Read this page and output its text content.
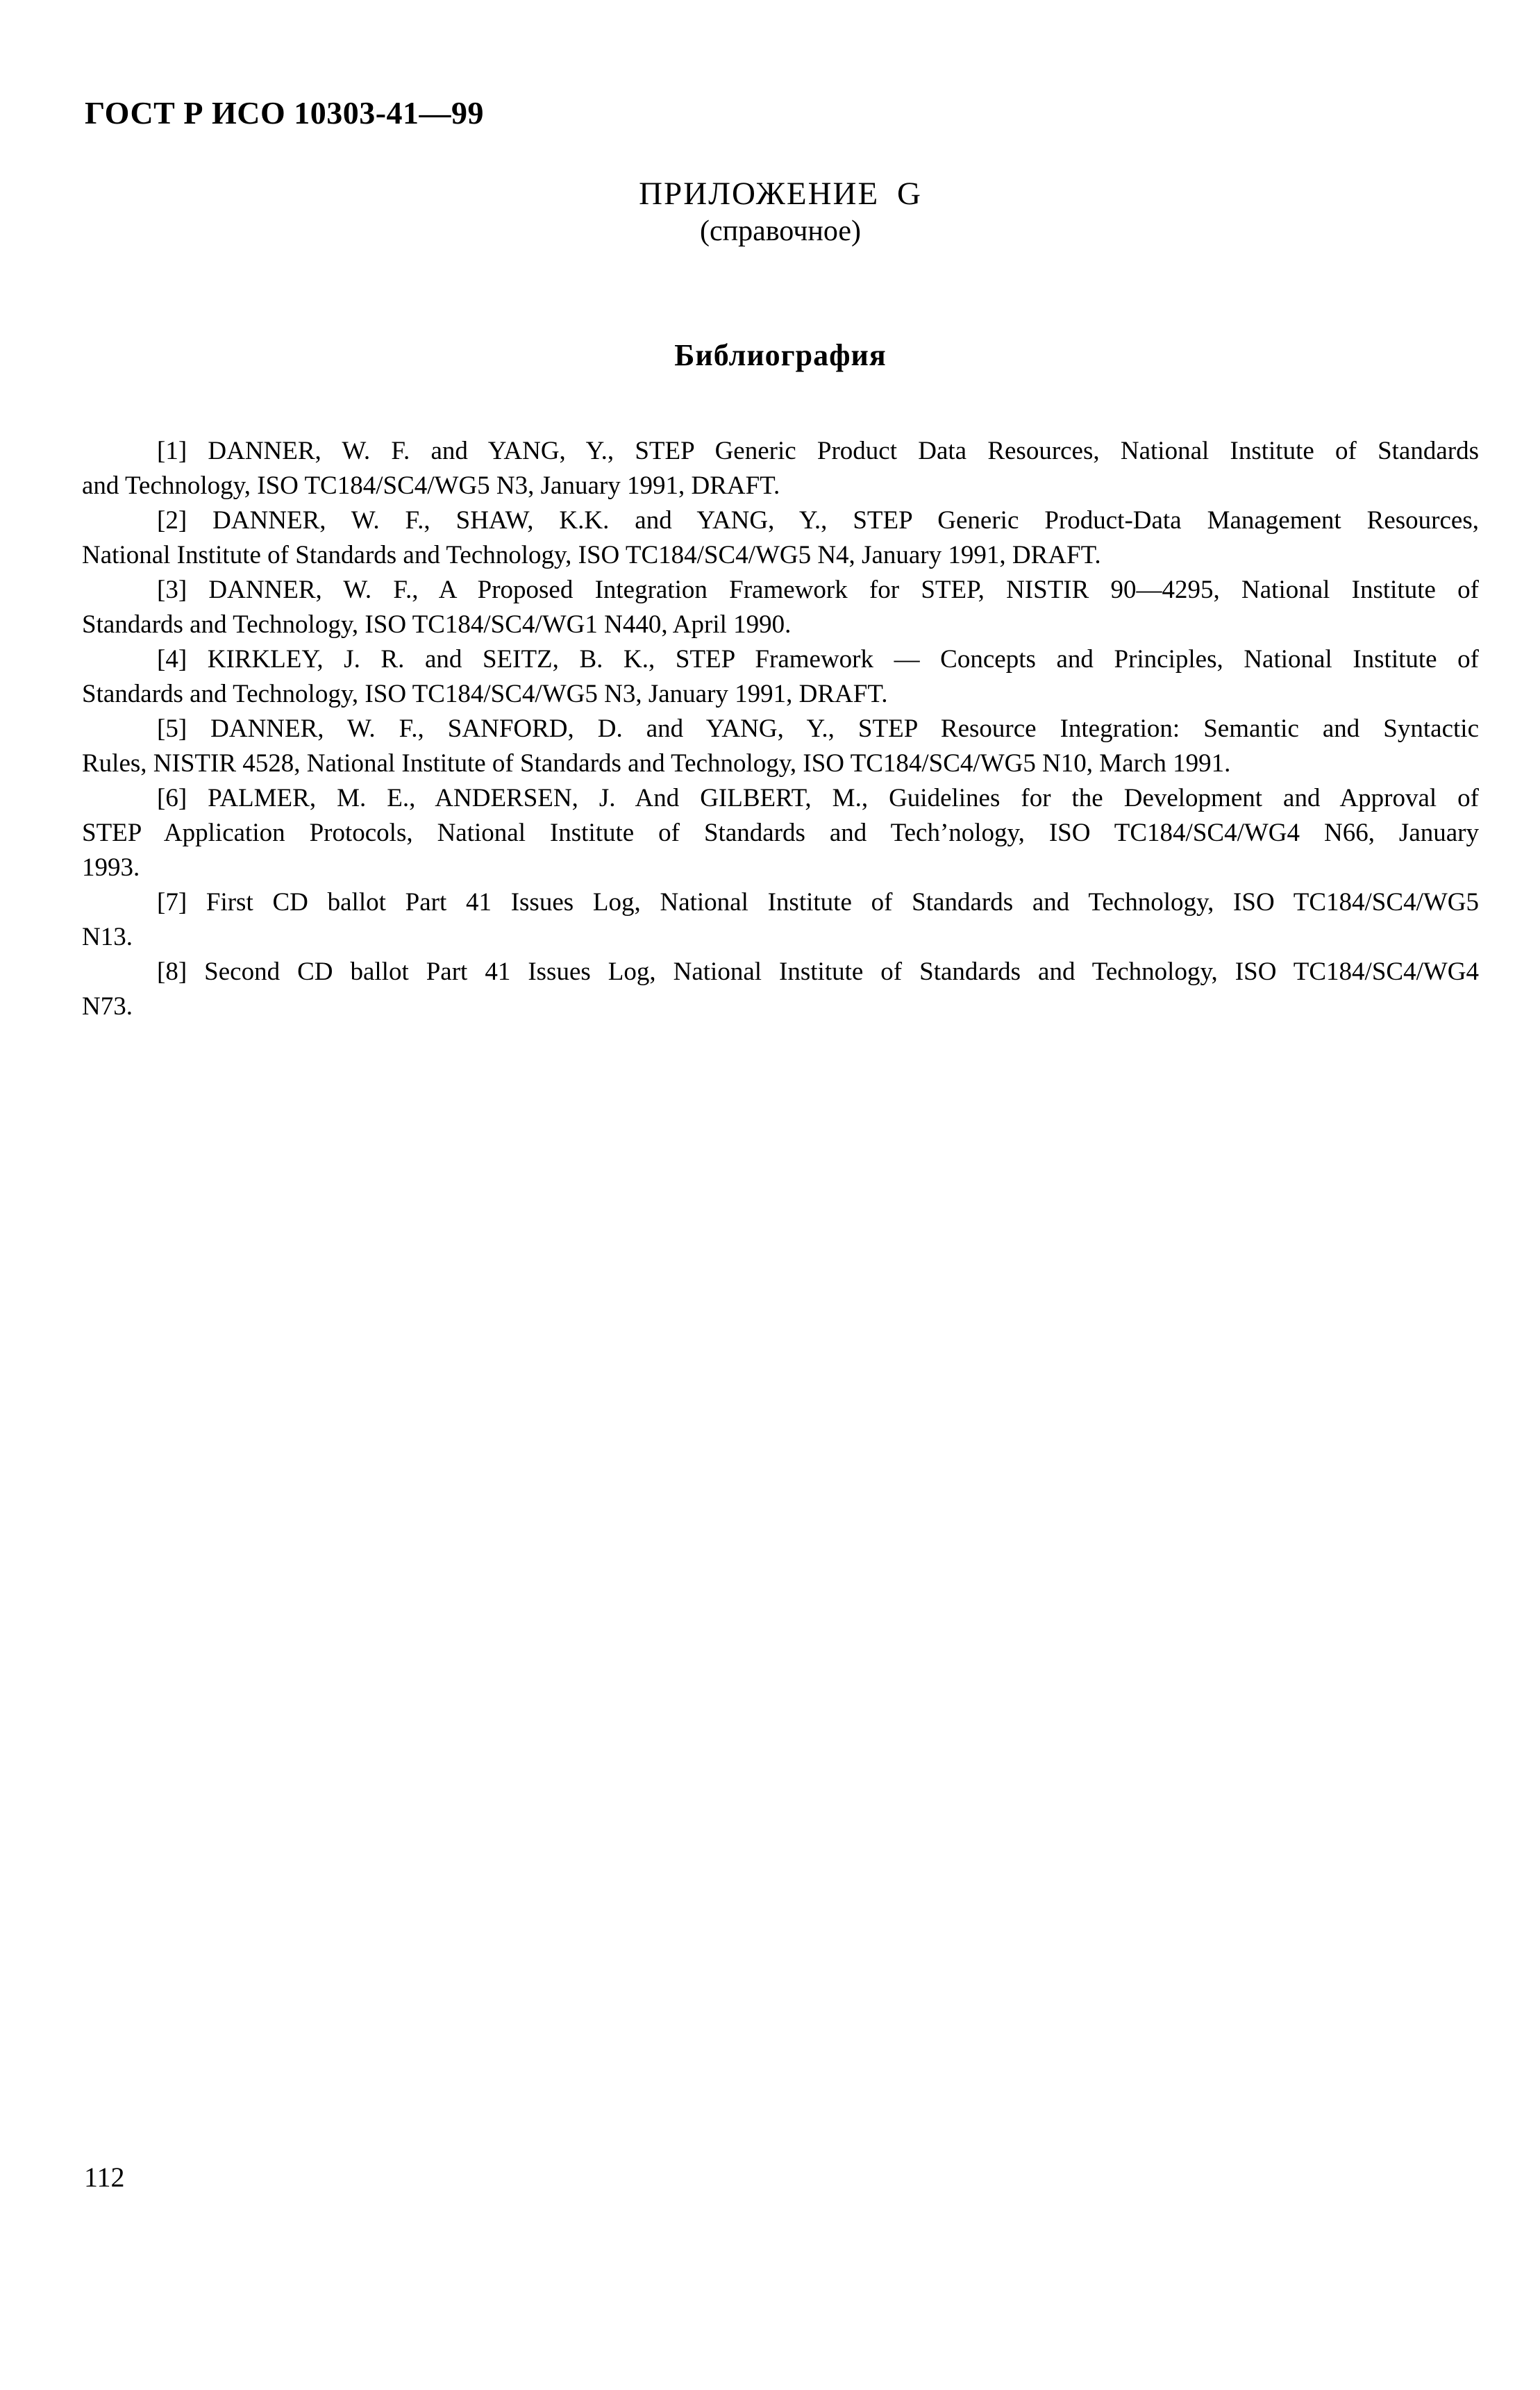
ГОСТ Р ИСО 10303-41—99
ПРИЛОЖЕНИЕ G
(справочное)
Библиография
[1] DANNER, W. F. and YANG, Y., STEP Generic Product Data Resources, National Institute of Standards
and Technology, ISO TC184/SC4/WG5 N3, January 1991, DRAFT.
[2] DANNER, W. F., SHAW, K.K. and YANG, Y., STEP Generic Product-Data Management Resources,
National Institute of Standards and Technology, ISO TC184/SC4/WG5 N4, January 1991, DRAFT.
[3] DANNER, W. F., A Proposed Integration Framework for STEP, NISTIR 90—4295, National Institute of
Standards and Technology, ISO TC184/SC4/WG1 N440, April 1990.
[4] KIRKLEY, J. R. and SEITZ, B. K., STEP Framework — Concepts and Principles, National Institute of
Standards and Technology, ISO TC184/SC4/WG5 N3, January 1991, DRAFT.
[5] DANNER, W. F., SANFORD, D. and YANG, Y., STEP Resource Integration: Semantic and Syntactic
Rules, NISTIR 4528, National Institute of Standards and Technology, ISO TC184/SC4/WG5 N10, March 1991.
[6] PALMER, M. E., ANDERSEN, J. And GILBERT, M., Guidelines for the Development and Approval of
STEP Application Protocols, National Institute of Standards and Techʼnology, ISO TC184/SC4/WG4 N66, January
1993.
[7] First CD ballot Part 41 Issues Log, National Institute of Standards and Technology, ISO TC184/SC4/WG5
N13.
[8] Second CD ballot Part 41 Issues Log, National Institute of Standards and Technology, ISO TC184/SC4/WG4
N73.
112
